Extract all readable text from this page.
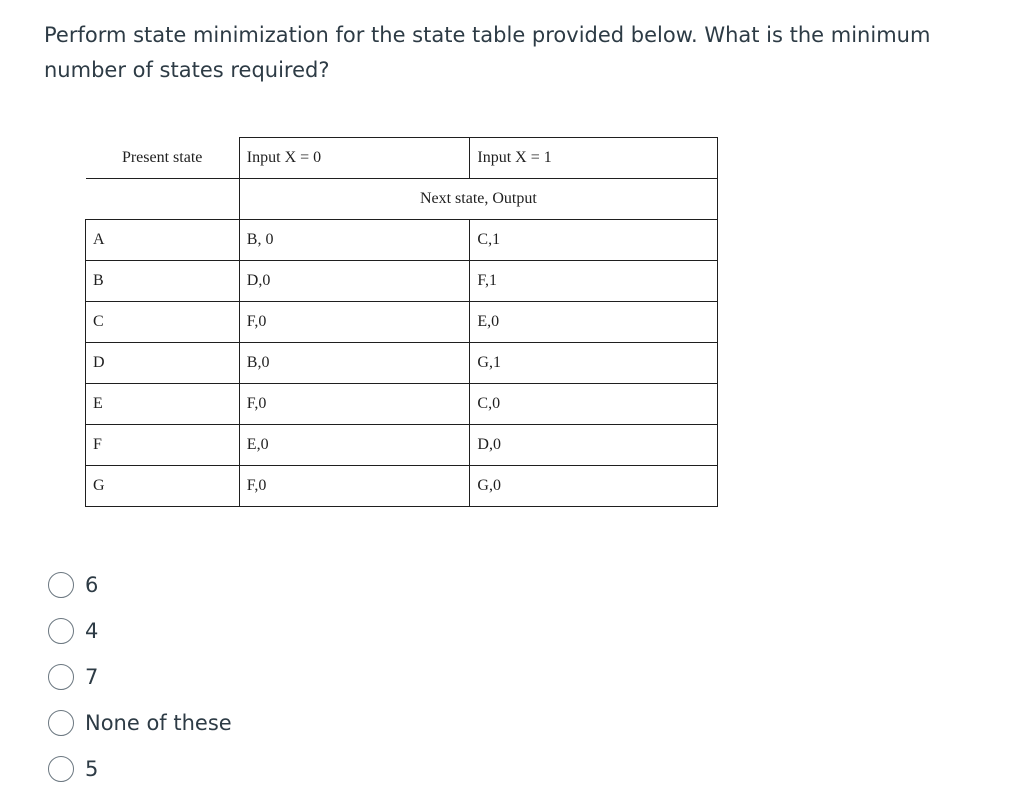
Perform state minimization for the state table provided below. What is the minimum number of states required?
Present state	Input X = 0	Input X = 1
	Next state, Output	
A	B, 0	C,1
B	D,0	F,1
C	F,0	E,0
D	B,0	G,1
E	F,0	C,0
F	E,0	D,0
G	F,0	G,0
6
4
7
None of these
5
